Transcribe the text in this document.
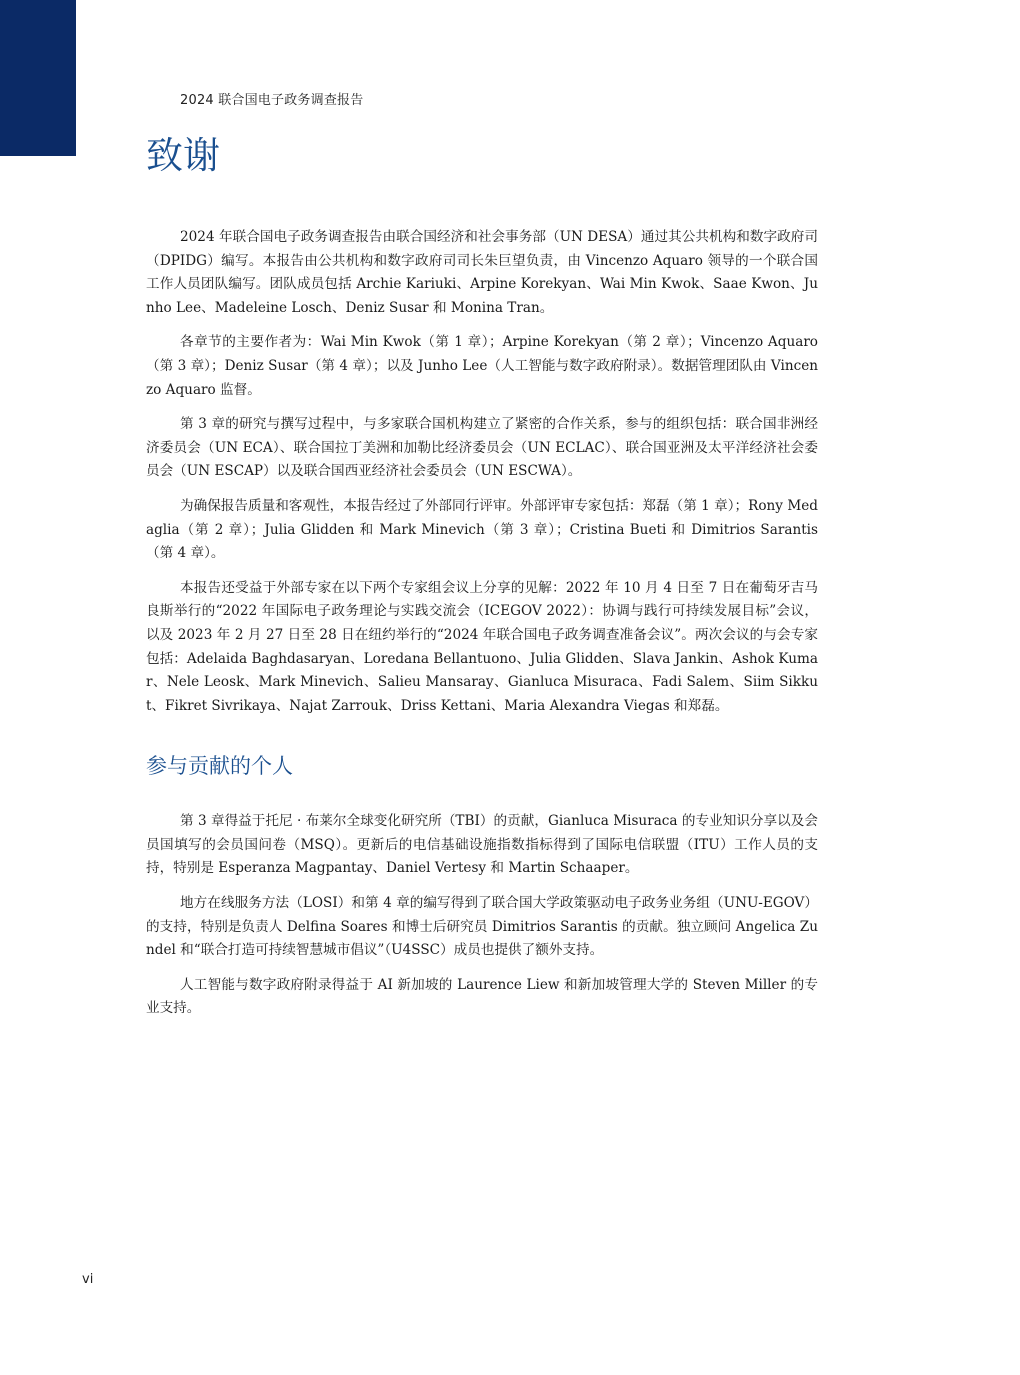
2024 联合国电子政务调查报告
致谢

2024 年联合国电子政务调查报告由联合国经济和社会事务部（UN DESA）通过其公共机构和数字政府司（DPIDG）编写。本报告由公共机构和数字政府司司长朱巨望负责，由 Vincenzo Aquaro 领导的一个联合国工作人员团队编写。团队成员包括 Archie Kariuki、Arpine Korekyan、Wai Min Kwok、Saae Kwon、Junho Lee、Madeleine Losch、Deniz Susar 和 Monina Tran。

各章节的主要作者为：Wai Min Kwok（第 1 章）；Arpine Korekyan（第 2 章）；Vincenzo Aquaro（第 3 章）；Deniz Susar（第 4 章）；以及 Junho Lee（人工智能与数字政府附录）。数据管理团队由 Vincenzo Aquaro 监督。

第 3 章的研究与撰写过程中，与多家联合国机构建立了紧密的合作关系，参与的组织包括：联合国非洲经济委员会（UN ECA）、联合国拉丁美洲和加勒比经济委员会（UN ECLAC）、联合国亚洲及太平洋经济社会委员会（UN ESCAP）以及联合国西亚经济社会委员会（UN ESCWA）。

为确保报告质量和客观性，本报告经过了外部同行评审。外部评审专家包括：郑磊（第 1 章）；Rony Medaglia（第 2 章）；Julia Glidden 和 Mark Minevich（第 3 章）；Cristina Bueti 和 Dimitrios Sarantis（第 4 章）。

本报告还受益于外部专家在以下两个专家组会议上分享的见解：2022 年 10 月 4 日至 7 日在葡萄牙吉马良斯举行的“2022 年国际电子政务理论与实践交流会（ICEGOV 2022）：协调与践行可持续发展目标”会议，以及 2023 年 2 月 27 日至 28 日在纽约举行的“2024 年联合国电子政务调查准备会议”。两次会议的与会专家包括：Adelaida Baghdasaryan、Loredana Bellantuono、Julia Glidden、Slava Jankin、Ashok Kumar、Nele Leosk、Mark Minevich、Salieu Mansaray、Gianluca Misuraca、Fadi Salem、Siim Sikkut、Fikret Sivrikaya、Najat Zarrouk、Driss Kettani、Maria Alexandra Viegas 和郑磊。

参与贡献的个人

第 3 章得益于托尼 · 布莱尔全球变化研究所（TBI）的贡献，Gianluca Misuraca 的专业知识分享以及会员国填写的会员国问卷（MSQ）。更新后的电信基础设施指数指标得到了国际电信联盟（ITU）工作人员的支持，特别是 Esperanza Magpantay、Daniel Vertesy 和 Martin Schaaper。

地方在线服务方法（LOSI）和第 4 章的编写得到了联合国大学政策驱动电子政务业务组（UNU-EGOV）的支持，特别是负责人 Delfina Soares 和博士后研究员 Dimitrios Sarantis 的贡献。独立顾问 Angelica Zundel 和“联合打造可持续智慧城市倡议”（U4SSC）成员也提供了额外支持。

人工智能与数字政府附录得益于 AI 新加坡的 Laurence Liew 和新加坡管理大学的 Steven Miller 的专业支持。

vi
